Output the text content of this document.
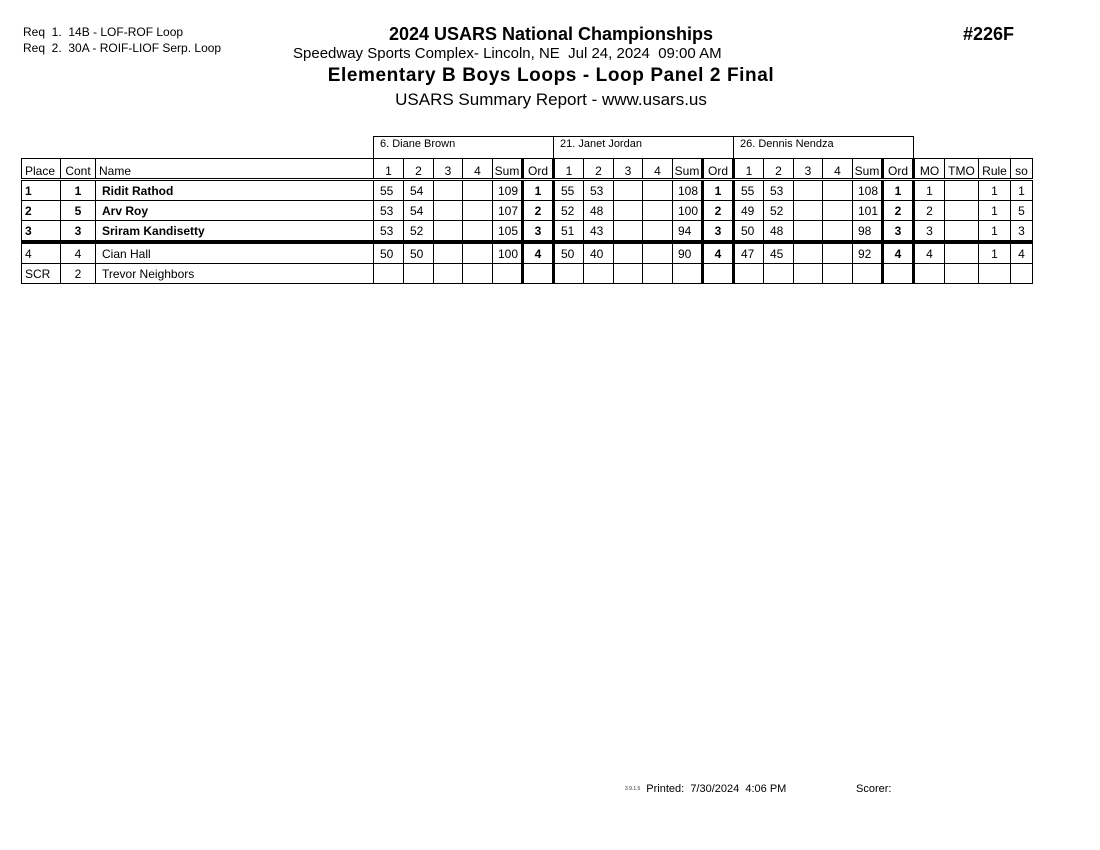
Req  1.  14B - LOF-ROF Loop
Req  2.  30A - ROIF-LIOF Serp. Loop
2024 USARS National Championships
Speedway Sports Complex- Lincoln, NE  Jul 24, 2024  09:00 AM
Elementary B Boys Loops - Loop Panel 2 Final
USARS Summary Report - www.usars.us
#226F
			6. Diane Brown						21. Janet Jordan						26. Dennis Nendza									
Place	Cont	Name	1	2	3	4	Sum	Ord	1	2	3	4	Sum	Ord	1	2	3	4	Sum	Ord	MO	TMO	Rule	so
1	1	Ridit Rathod	55	54			109	1	55	53			108	1	55	53			108	1	1		1	1
2	5	Arv Roy	53	54			107	2	52	48			100	2	49	52			101	2	2		1	5
3	3	Sriram Kandisetty	53	52			105	3	51	43			94	3	50	48			98	3	3		1	3
4	4	Cian Hall	50	50			100	4	50	40			90	4	47	45			92	4	4		1	4
SCR	2	Trevor Neighbors																						
$^{3.9.1.5}$ Printed:  7/30/2024  4:06 PM	Scorer:
